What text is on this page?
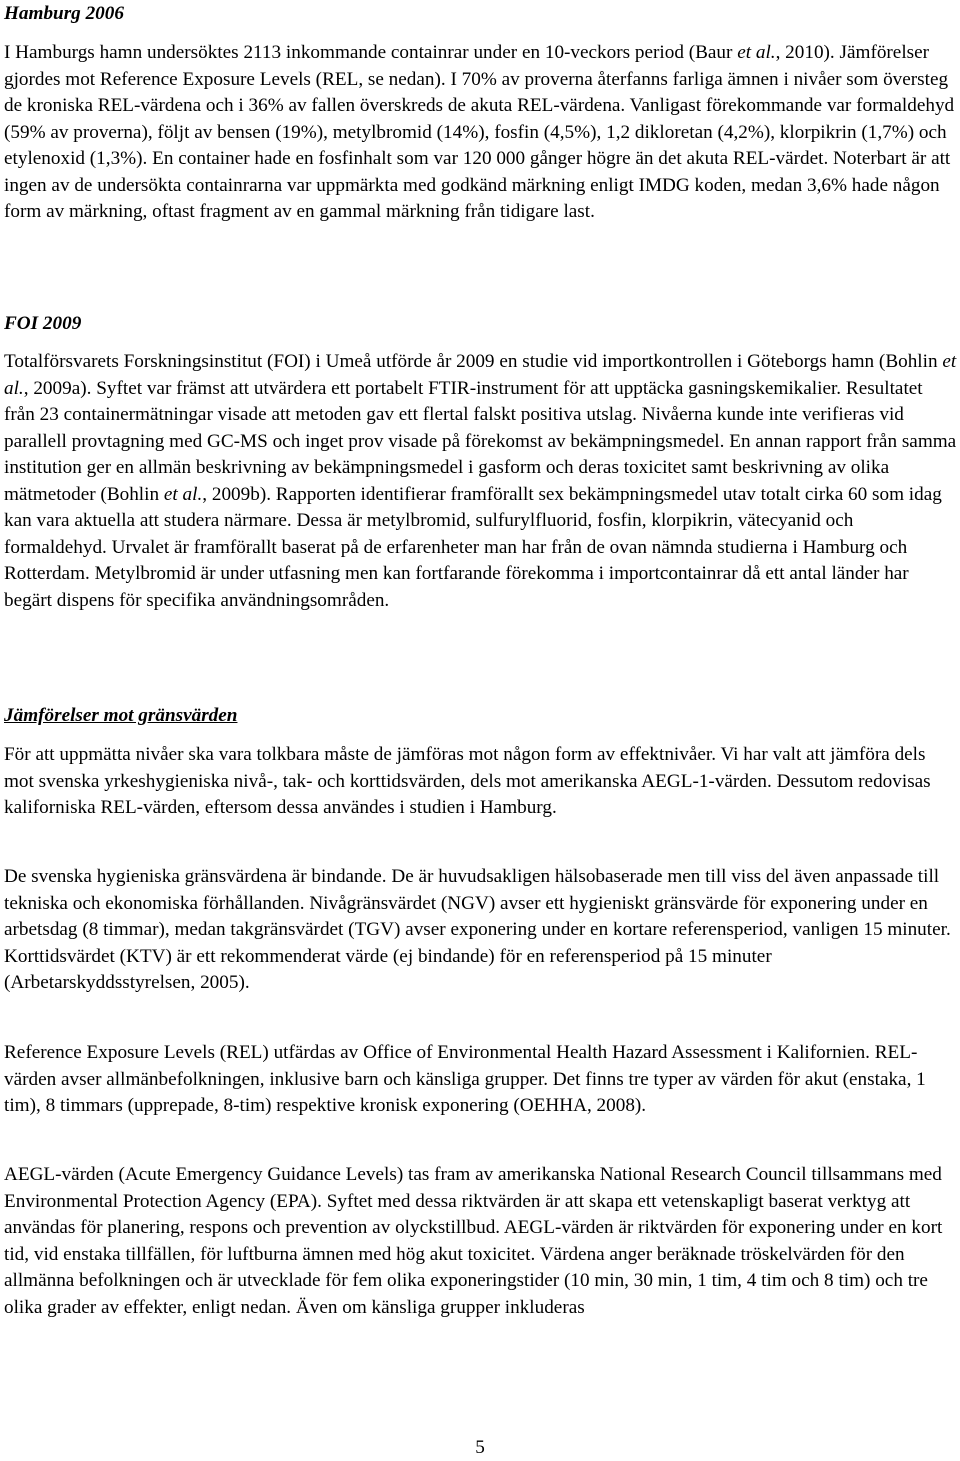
Hamburg 2006

I Hamburgs hamn undersöktes 2113 inkommande containrar under en 10-veckors period (Baur et al., 2010). Jämförelser gjordes mot Reference Exposure Levels (REL, se nedan). I 70% av proverna återfanns farliga ämnen i nivåer som översteg de kroniska REL-värdena och i 36% av fallen överskreds de akuta REL-värdena. Vanligast förekommande var formaldehyd (59% av proverna), följt av bensen (19%), metylbromid (14%), fosfin (4,5%), 1,2 dikloretan (4,2%), klorpikrin (1,7%) och etylenoxid (1,3%). En container hade en fosfinhalt som var 120 000 gånger högre än det akuta REL-värdet. Noterbart är att ingen av de undersökta containrarna var uppmärkta med godkänd märkning enligt IMDG koden, medan 3,6% hade någon form av märkning, oftast fragment av en gammal märkning från tidigare last.

FOI 2009

Totalförsvarets Forskningsinstitut (FOI) i Umeå utförde år 2009 en studie vid importkontrollen i Göteborgs hamn (Bohlin et al., 2009a). Syftet var främst att utvärdera ett portabelt FTIR-instrument för att upptäcka gasningskemikalier. Resultatet från 23 containermätningar visade att metoden gav ett flertal falskt positiva utslag. Nivåerna kunde inte verifieras vid parallell provtagning med GC-MS och inget prov visade på förekomst av bekämpningsmedel. En annan rapport från samma institution ger en allmän beskrivning av bekämpningsmedel i gasform och deras toxicitet samt beskrivning av olika mätmetoder (Bohlin et al., 2009b). Rapporten identifierar framförallt sex bekämpningsmedel utav totalt cirka 60 som idag kan vara aktuella att studera närmare. Dessa är metylbromid, sulfurylfluorid, fosfin, klorpikrin, vätecyanid och formaldehyd. Urvalet är framförallt baserat på de erfarenheter man har från de ovan nämnda studierna i Hamburg och Rotterdam. Metylbromid är under utfasning men kan fortfarande förekomma i importcontainrar då ett antal länder har begärt dispens för specifika användningsområden.

Jämförelser mot gränsvärden

För att uppmätta nivåer ska vara tolkbara måste de jämföras mot någon form av effektnivåer. Vi har valt att jämföra dels mot svenska yrkeshygieniska nivå-, tak- och korttidsvärden, dels mot amerikanska AEGL-1-värden. Dessutom redovisas kaliforniska REL-värden, eftersom dessa användes i studien i Hamburg.

De svenska hygieniska gränsvärdena är bindande. De är huvudsakligen hälsobaserade men till viss del även anpassade till tekniska och ekonomiska förhållanden. Nivågränsvärdet (NGV) avser ett hygieniskt gränsvärde för exponering under en arbetsdag (8 timmar), medan takgränsvärdet (TGV) avser exponering under en kortare referensperiod, vanligen 15 minuter. Korttidsvärdet (KTV) är ett rekommenderat värde (ej bindande) för en referensperiod på 15 minuter (Arbetarskyddsstyrelsen, 2005).

Reference Exposure Levels (REL) utfärdas av Office of Environmental Health Hazard Assessment i Kalifornien. REL-värden avser allmänbefolkningen, inklusive barn och känsliga grupper. Det finns tre typer av värden för akut (enstaka, 1 tim), 8 timmars (upprepade, 8-tim) respektive kronisk exponering (OEHHA, 2008).

AEGL-värden (Acute Emergency Guidance Levels) tas fram av amerikanska National Research Council tillsammans med Environmental Protection Agency (EPA). Syftet med dessa riktvärden är att skapa ett vetenskapligt baserat verktyg att användas för planering, respons och prevention av olyckstillbud. AEGL-värden är riktvärden för exponering under en kort tid, vid enstaka tillfällen, för luftburna ämnen med hög akut toxicitet. Värdena anger beräknade tröskelvärden för den allmänna befolkningen och är utvecklade för fem olika exponeringstider (10 min, 30 min, 1 tim, 4 tim och 8 tim) och tre olika grader av effekter, enligt nedan. Även om känsliga grupper inkluderas

5
